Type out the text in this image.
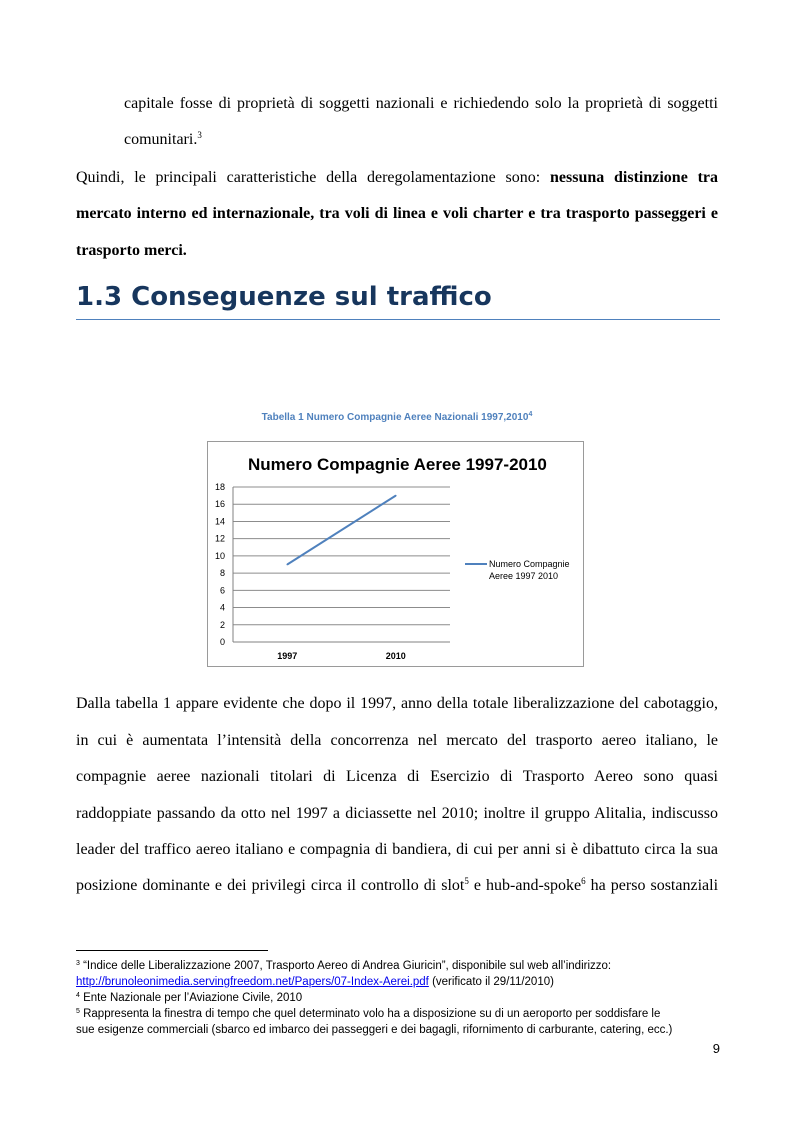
capitale fosse di proprietà di soggetti nazionali e richiedendo solo la proprietà di soggetti

comunitari.$^3$

Quindi, le principali caratteristiche della deregolamentazione sono: nessuna distinzione tra

mercato interno ed internazionale, tra voli di linea e voli charter e tra trasporto passeggeri e

trasporto merci.

1.3 Conseguenze sul traffico
Tabella 1 Numero Compagnie Aeree Nazionali 1997,2010$^4$
Numero Compagnie Aeree 1997-2010
0
2
4
6
8
10
12
14
16
18
1997	2010
Numero Compagnie
Aeree 1997 2010

Dalla tabella 1 appare evidente che dopo il 1997, anno della totale liberalizzazione del cabotaggio,

in cui è aumentata l’intensità della concorrenza nel mercato del trasporto aereo italiano, le

compagnie aeree nazionali titolari di Licenza di Esercizio di Trasporto Aereo sono quasi

raddoppiate passando da otto nel 1997 a diciassette nel 2010; inoltre il gruppo Alitalia, indiscusso

leader del traffico aereo italiano e compagnia di bandiera, di cui per anni si è dibattuto circa la sua

posizione dominante e dei privilegi circa il controllo di slot$^5$ e hub-and-spoke$^6$ ha perso sostanziali

$^3$ “Indice delle Liberalizzazione 2007, Trasporto Aereo di Andrea Giuricin”, disponibile sul web all’indirizzo:

http://brunoleonimedia.servingfreedom.net/Papers/07-Index-Aerei.pdf (verificato il 29/11/2010)

$^4$ Ente Nazionale per l’Aviazione Civile, 2010

$^5$ Rappresenta la finestra di tempo che quel determinato volo ha a disposizione su di un aeroporto per soddisfare le

sue esigenze commerciali (sbarco ed imbarco dei passeggeri e dei bagagli, rifornimento di carburante, catering, ecc.)

9
